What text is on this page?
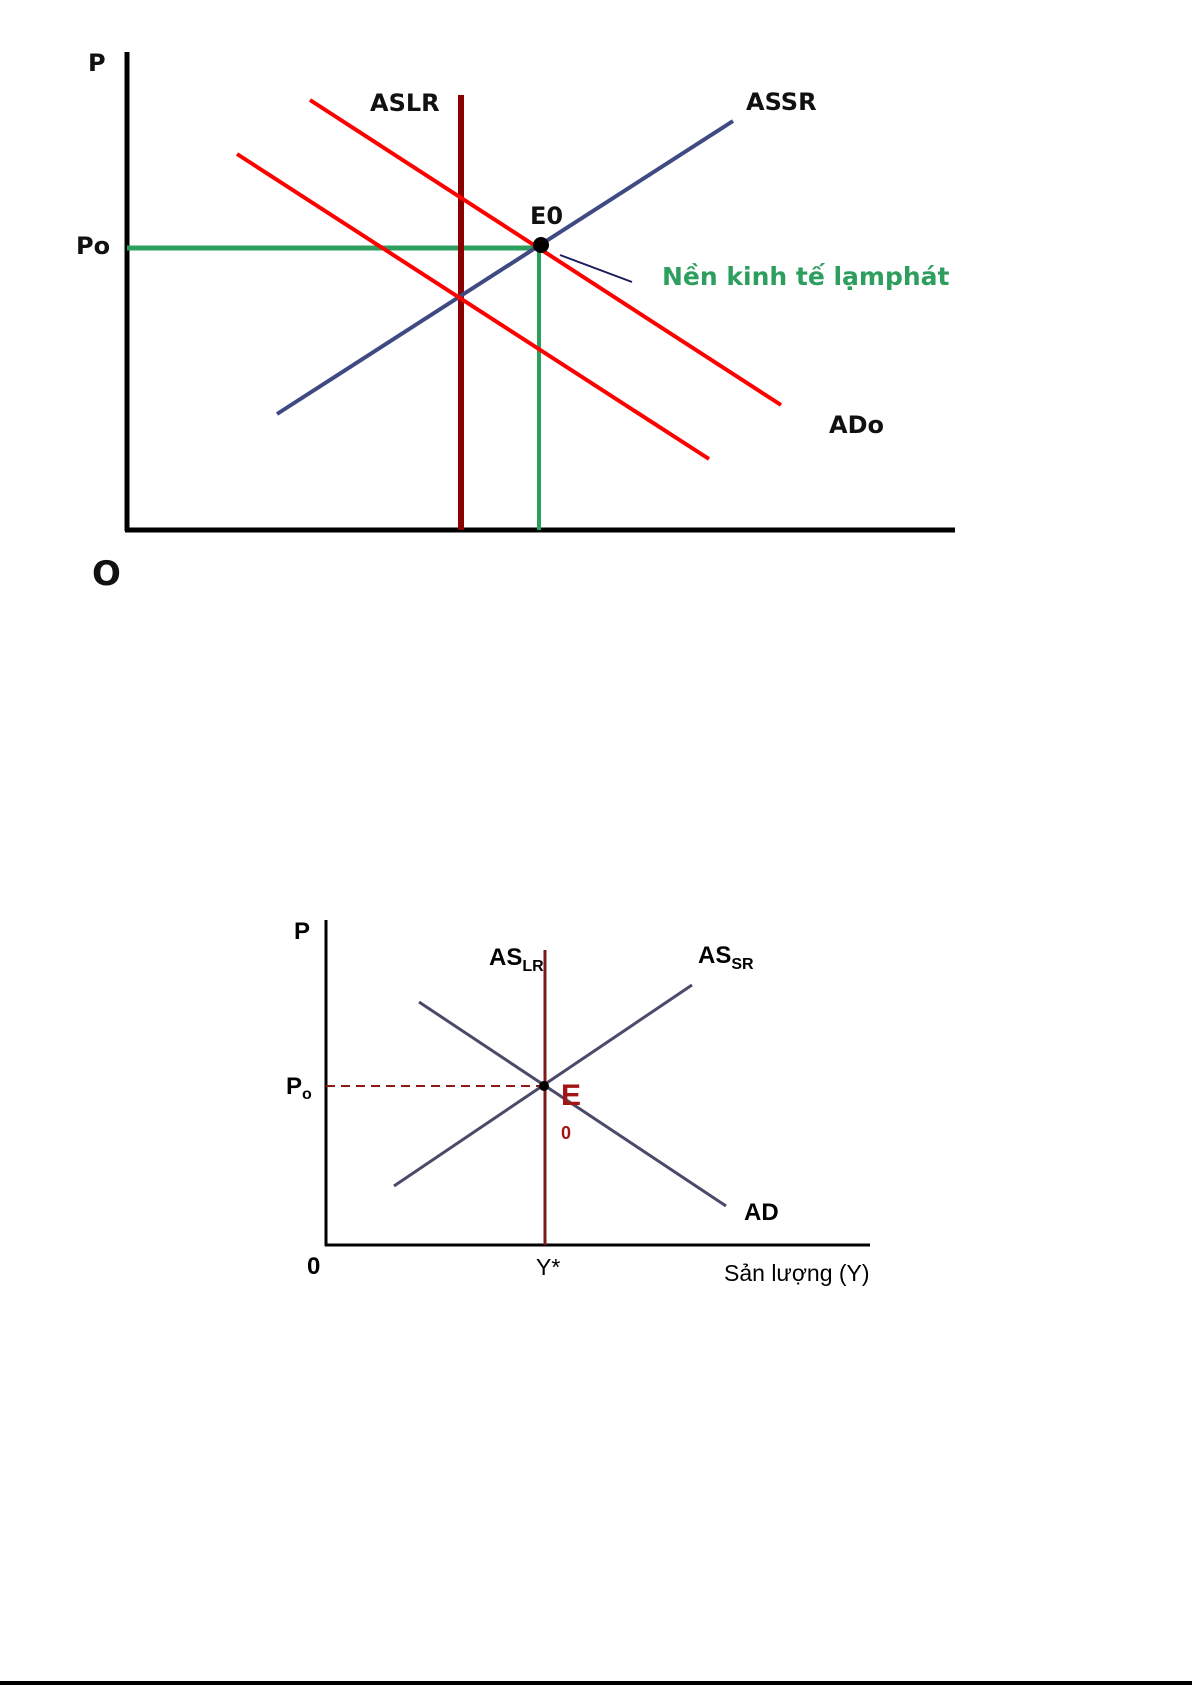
P
ASLR	ASSR
E0
Po
Nền kinh tế lạmphát
ADo
O
P
ASLR	ASSR
Po	E
0
AD
0	Y*	Sản lượng (Y)
